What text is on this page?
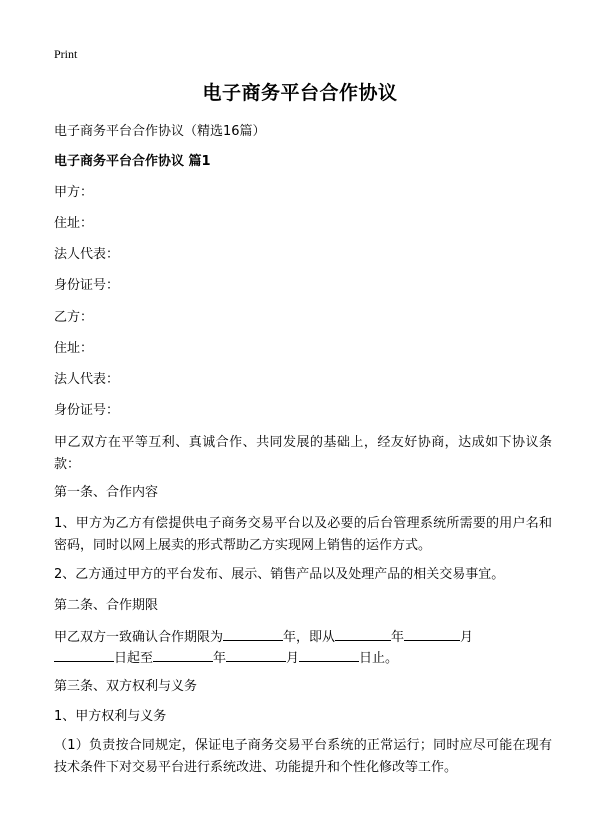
Print
电子商务平台合作协议
电子商务平台合作协议（精选16篇）
电子商务平台合作协议 篇1
甲方：
住址：
法人代表：
身份证号：
乙方：
住址：
法人代表：
身份证号：
甲乙双方在平等互利、真诚合作、共同发展的基础上，经友好协商，达成如下协议条款：
第一条、合作内容
1、甲方为乙方有偿提供电子商务交易平台以及必要的后台管理系统所需要的用户名和密码，同时以网上展卖的形式帮助乙方实现网上销售的运作方式。
2、乙方通过甲方的平台发布、展示、销售产品以及处理产品的相关交易事宜。
第二条、合作期限
甲乙双方一致确认合作期限为	年，即从	年	月
日起至	年	月	日止。
第三条、双方权利与义务
1、甲方权利与义务
（1）负责按合同规定，保证电子商务交易平台系统的正常运行；同时应尽可能在现有技术条件下对交易平台进行系统改进、功能提升和个性化修改等工作。
